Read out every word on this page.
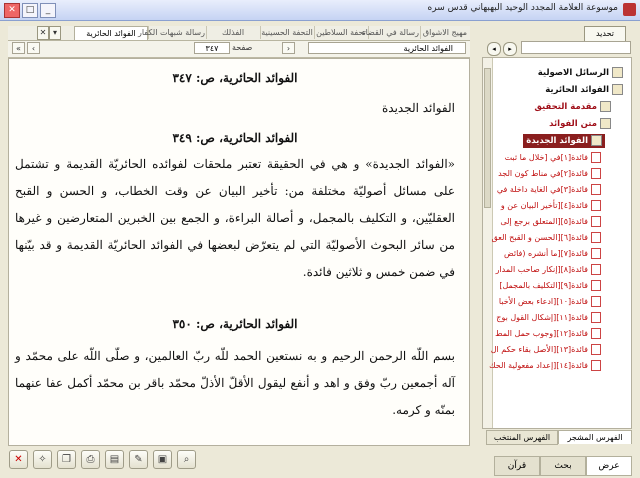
موسوعة العلامة المجدد الوحيد البهبهاني قدس سره
✕	□	_
الفوائد الحائرية رسالة شبهات الكفار	الفذلك	التحفة الحسينية تحفة السلاطين
رسالة في القضاء مهيج الاشواق
✕ ▾
الفوائد الحائرية
صفحة
٣٤٧
«	‹	›
الفوائد الحائرية، ص: ٣٤٧
الفوائد الجديدة
الفوائد الحائرية، ص: ٣٤٩
«الفوائد الجديدة» و هي في الحقيقة تعتبر ملحقات لفوائده الحائريّة القديمة و تشتمل على مسائل أصوليّة مختلفة من: تأخير البيان عن وقت الخطاب، و الحسن و القبح العقليّين، و التكليف بالمجمل، و أصالة البراءة، و الجمع بين الخبرين المتعارضين و غيرها من سائر البحوث الأصوليّة التي لم يتعرّض لبعضها في الفوائد الحائريّة القديمة و قد بيّنها في ضمن خمس و ثلاثين فائدة.
الفوائد الحائرية، ص: ٣٥٠
بسم اللّه الرحمن الرحيم و به نستعين الحمد للّه ربّ العالمين، و صلّى اللّه على محمّد و آله أجمعين ربّ وفق و اهد و أنفع ليقول الأقلّ الأذلّ محمّد باقر بن محمّد أكمل عفا عنهما بمنّه و كرمه.
✕	✧	❐	⎙	▤	✎	▣	⌕
تحديد
◂	▸
الرسائل الاصولية
الفوائد الحائرية
مقدمة التحقيق
متن الفوائد
الفوائد الجديدة
فائدة[١]في [خلال ما ثبت
فائدة[٢]في مناط كون الجد
فائدة[٣]في الغاية داخلة في
فائدة[٤][تأخير البيان عن و
فائدة[٥][المتعلق برجع إلى
فائدة[٦][الحسن و القبح العق
فائدة[٧][ما أنشره (فائض
فائدة[٨][إنكار صاحب المدار
فائدة[٩][التكليف بالمجمل]
فائدة[١٠][ادعاء بعض الأخبا
فائدة[١١][إشكال القول بوج
فائدة[١٢][وجوب حمل المط
فائدة[١٣][الأصل بقاء حكم ال
فائدة[١٤][إعداد مفعولية الحك
الفهرس المشجر
الفهرس المنتخب
عرض
بحث
قرآن
